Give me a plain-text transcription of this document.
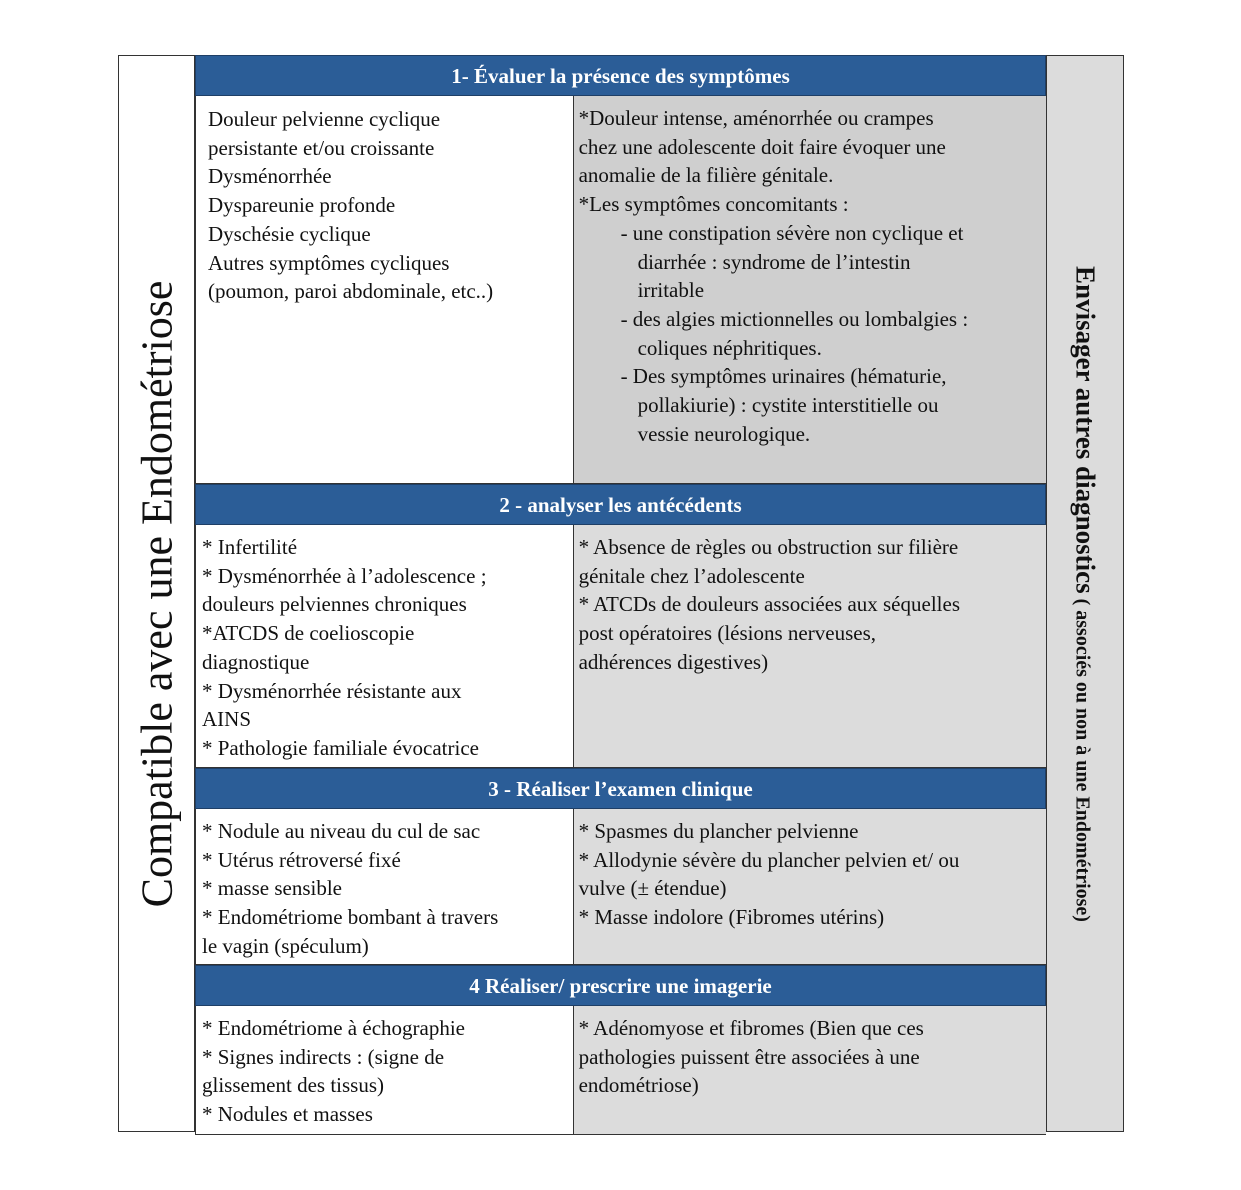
Compatible avec une Endométriose
1- Évaluer la présence des symptômes
Douleur pelvienne cyclique
persistante et/ou croissante
Dysménorrhée
Dyspareunie profonde
Dyschésie cyclique
Autres symptômes cycliques
(poumon, paroi abdominale, etc..)
*Douleur intense, aménorrhée ou crampes
chez une adolescente doit faire évoquer une
anomalie de la filière génitale.
*Les symptômes concomitants :
- une constipation sévère non cyclique et
diarrhée : syndrome de l’intestin
irritable
- des algies mictionnelles ou lombalgies :
coliques néphritiques.
- Des symptômes urinaires (hématurie,
pollakiurie) : cystite interstitielle ou
vessie neurologique.
2 - analyser les antécédents
* Infertilité
* Dysménorrhée à l’adolescence ;
douleurs pelviennes chroniques
*ATCDS de coelioscopie
diagnostique
* Dysménorrhée résistante aux
AINS
* Pathologie familiale évocatrice
* Absence de règles ou obstruction sur filière
génitale chez l’adolescente
* ATCDs de douleurs associées aux séquelles
post opératoires (lésions nerveuses,
adhérences digestives)
3 - Réaliser l’examen clinique
* Nodule au niveau du cul de sac
* Utérus rétroversé fixé
* masse sensible
* Endométriome bombant à travers
le vagin (spéculum)
* Spasmes du plancher pelvienne
* Allodynie sévère du plancher pelvien et/ ou
vulve (± étendue)
* Masse indolore (Fibromes utérins)
4 Réaliser/ prescrire une imagerie
* Endométriome à échographie
* Signes indirects : (signe de
glissement des tissus)
* Nodules et masses
* Adénomyose et fibromes (Bien que ces
pathologies puissent être associées à une
endométriose)
Envisager autres diagnostics ( associés ou non à une Endométriose)
